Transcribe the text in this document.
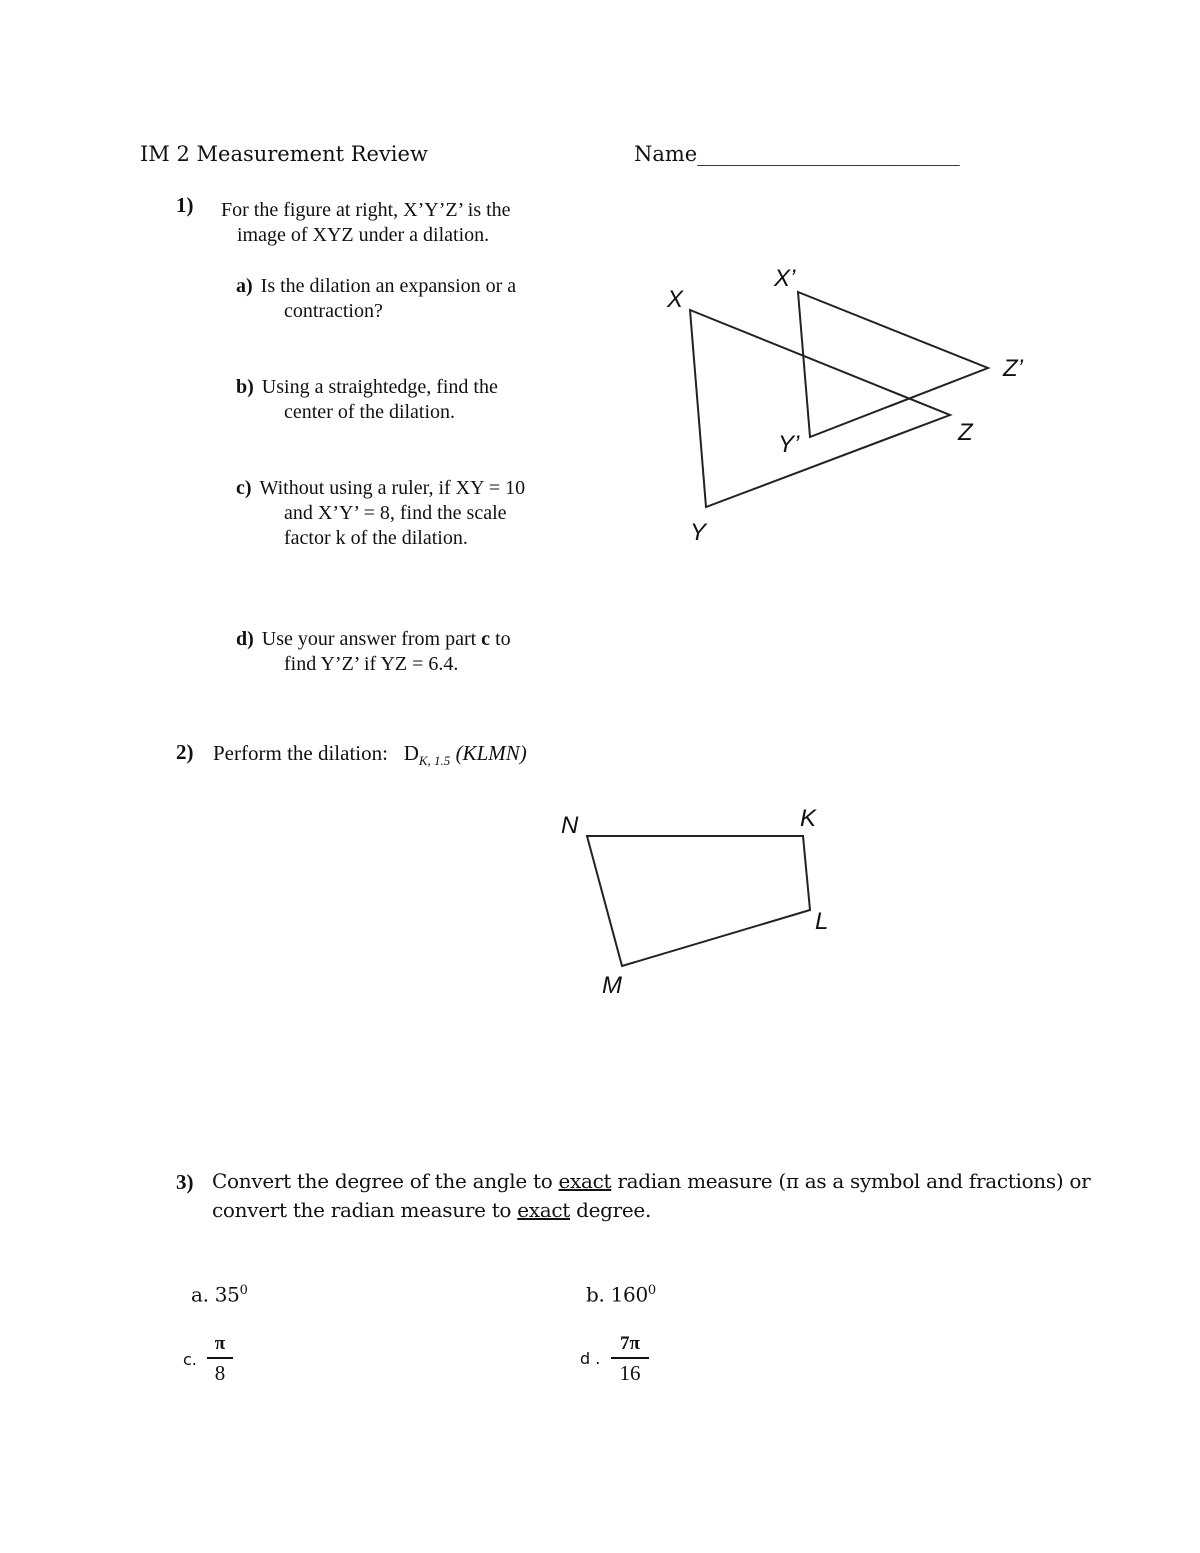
IM 2 Measurement Review	Name_________________________
1) For the figure at right, X’Y’Z’ is the
image of XYZ under a dilation.
a) Is the dilation an expansion or a
contraction?
b) Using a straightedge, find the
center of the dilation.
c) Without using a ruler, if XY = 10
and X’Y’ = 8, find the scale
factor k of the dilation.
d) Use your answer from part c to
find Y’Z’ if YZ = 6.4.
X
X’
Z’
Z
Y’
Y
2) Perform the dilation: $D_{K, 1.5}$ (KLMN)
N	K
L
M
3) Convert the degree of the angle to exact radian measure (π as a symbol and fractions) or
convert the radian measure to exact degree.
a. $35^0$	b. $160^0$
c.
π
8
d .
7π
16
